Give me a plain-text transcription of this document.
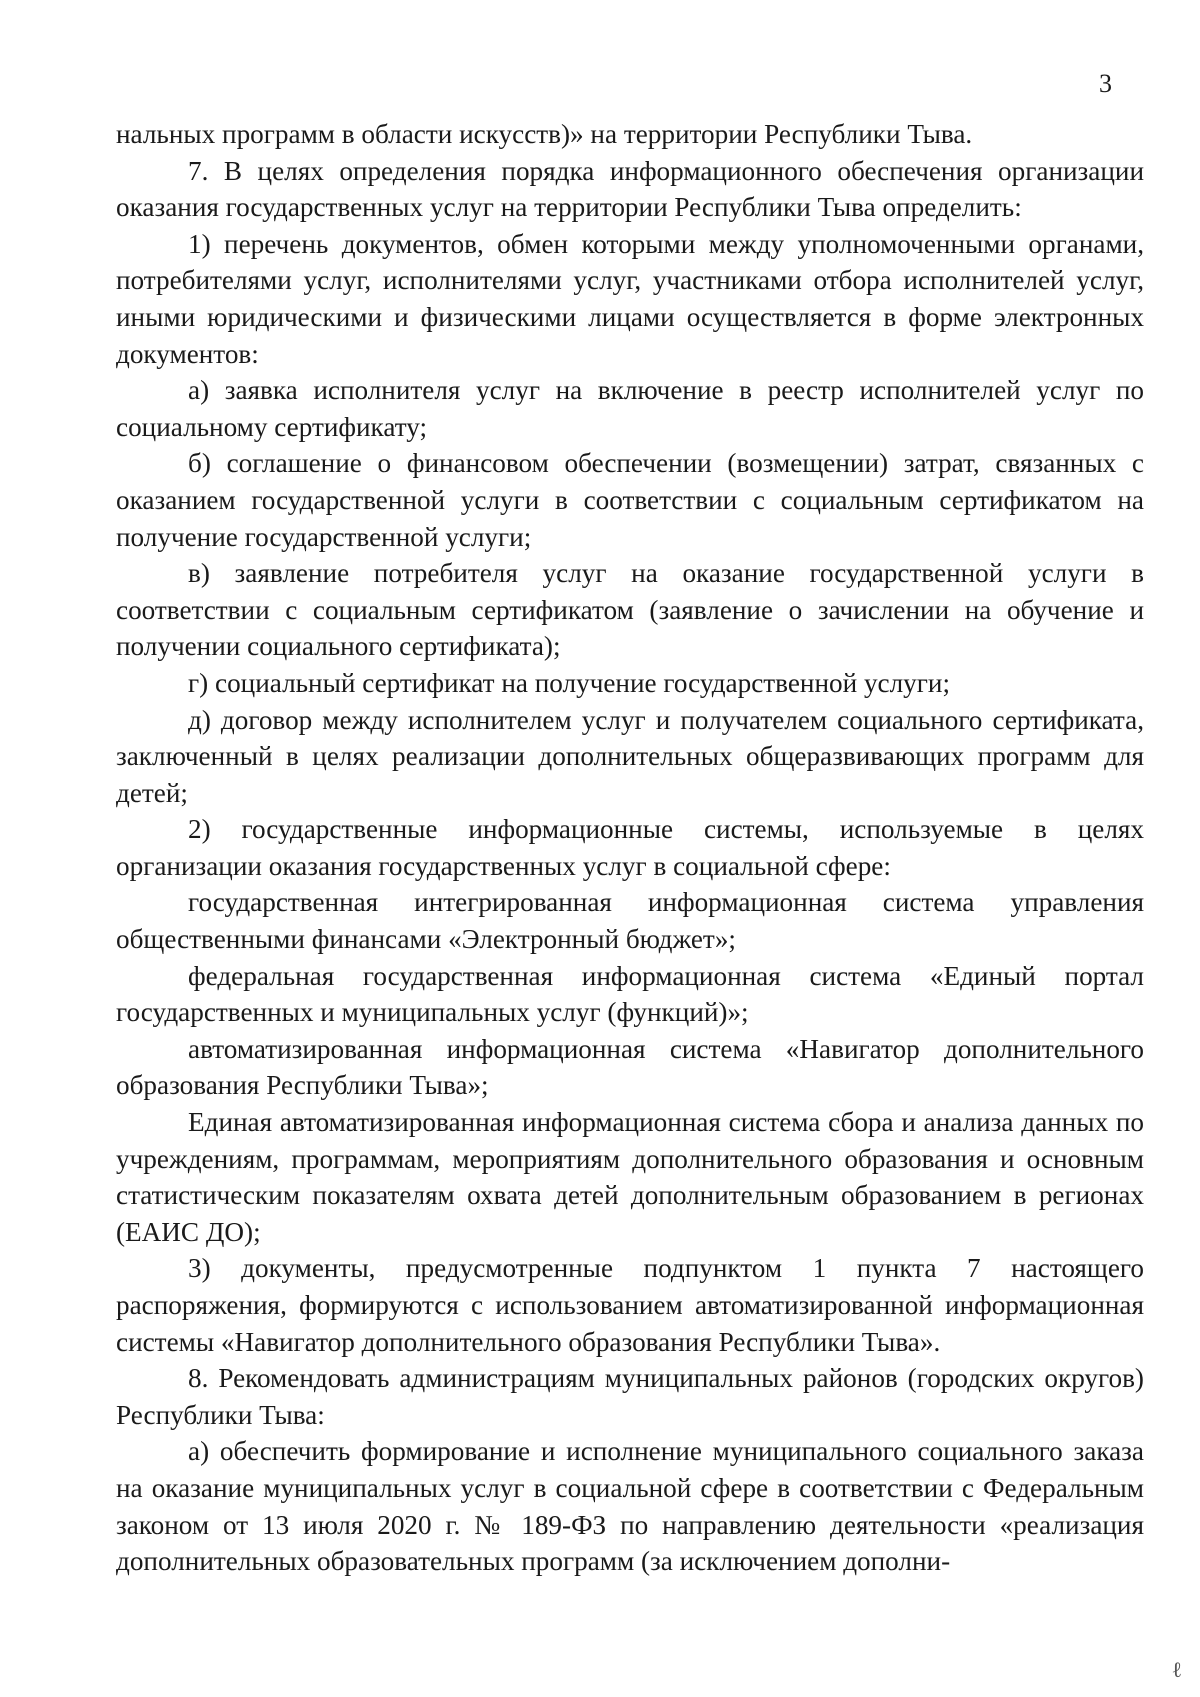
3

нальных программ в области искусств)» на территории Республики Тыва.

7. В целях определения порядка информационного обеспечения организации оказания государственных услуг на территории Республики Тыва определить:

1) перечень документов, обмен которыми между уполномоченными органами, потребителями услуг, исполнителями услуг, участниками отбора исполнителей услуг, иными юридическими и физическими лицами осуществляется в форме электронных документов:

а) заявка исполнителя услуг на включение в реестр исполнителей услуг по социальному сертификату;

б) соглашение о финансовом обеспечении (возмещении) затрат, связанных с оказанием государственной услуги в соответствии с социальным сертификатом на получение государственной услуги;

в) заявление потребителя услуг на оказание государственной услуги в соответствии с социальным сертификатом (заявление о зачислении на обучение и получении социального сертификата);

г) социальный сертификат на получение государственной услуги;

д) договор между исполнителем услуг и получателем социального сертификата, заключенный в целях реализации дополнительных общеразвивающих программ для детей;

2) государственные информационные системы, используемые в целях организации оказания государственных услуг в социальной сфере:

государственная интегрированная информационная система управления общественными финансами «Электронный бюджет»;

федеральная государственная информационная система «Единый портал государственных и муниципальных услуг (функций)»;

автоматизированная информационная система «Навигатор дополнительного образования Республики Тыва»;

Единая автоматизированная информационная система сбора и анализа данных по учреждениям, программам, мероприятиям дополнительного образования и основным статистическим показателям охвата детей дополнительным образованием в регионах (ЕАИС ДО);

3) документы, предусмотренные подпунктом 1 пункта 7 настоящего распоряжения, формируются с использованием автоматизированной информационная системы «Навигатор дополнительного образования Республики Тыва».

8. Рекомендовать администрациям муниципальных районов (городских округов) Республики Тыва:

а) обеспечить формирование и исполнение муниципального социального заказа на оказание муниципальных услуг в социальной сфере в соответствии с Федеральным законом от 13 июля 2020 г. № 189-ФЗ по направлению деятельности «реализация дополнительных образовательных программ (за исключением дополни-

ℓ
